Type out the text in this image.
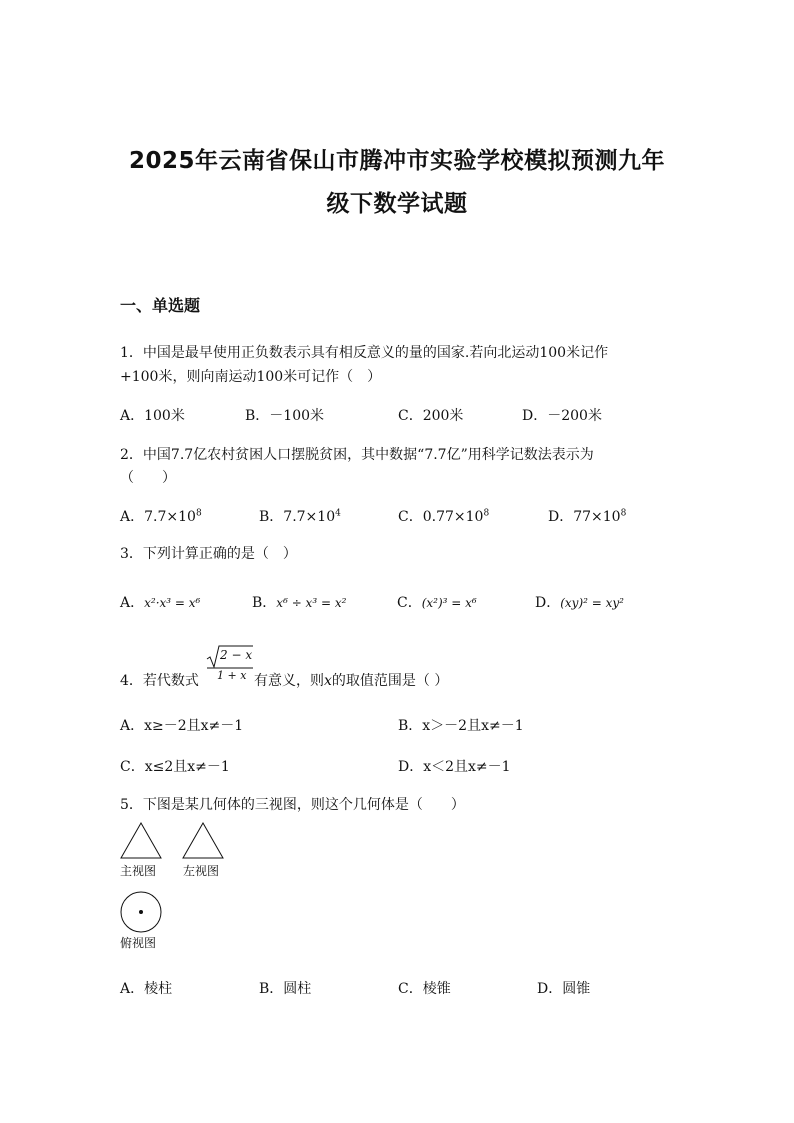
2025年云南省保山市腾冲市实验学校模拟预测九年
级下数学试题
一、单选题
1．中国是最早使用正负数表示具有相反意义的量的国家.若向北运动100米记作
+100米，则向南运动100米可记作（　）
A．100米	B．－100米	C．200米	D．－200米
2．中国7.7亿农村贫困人口摆脱贫困，其中数据“7.7亿”用科学记数法表示为
（　　）
A．$7.7\times 10^8$	B．$7.7\times 10^4$	C．$0.77\times 10^8$	D．$77\times 10^8$
3．下列计算正确的是（　）
A．x²·x³ = x⁶	B．x⁶ ÷ x³ = x²	C．(x²)³ = x⁶	D．(xy)² = xy²
4．若代数式
2 − x
1 + x 有意义，则x的取值范围是（ ）
A．x≥－2且x≠－1	B．x＞－2且x≠－1
C．x≤2且x≠－1	D．x＜2且x≠－1
5．下图是某几何体的三视图，则这个几何体是（　　）
主视图 左视图
俯视图
A．棱柱	B．圆柱	C．棱锥	D．圆锥
